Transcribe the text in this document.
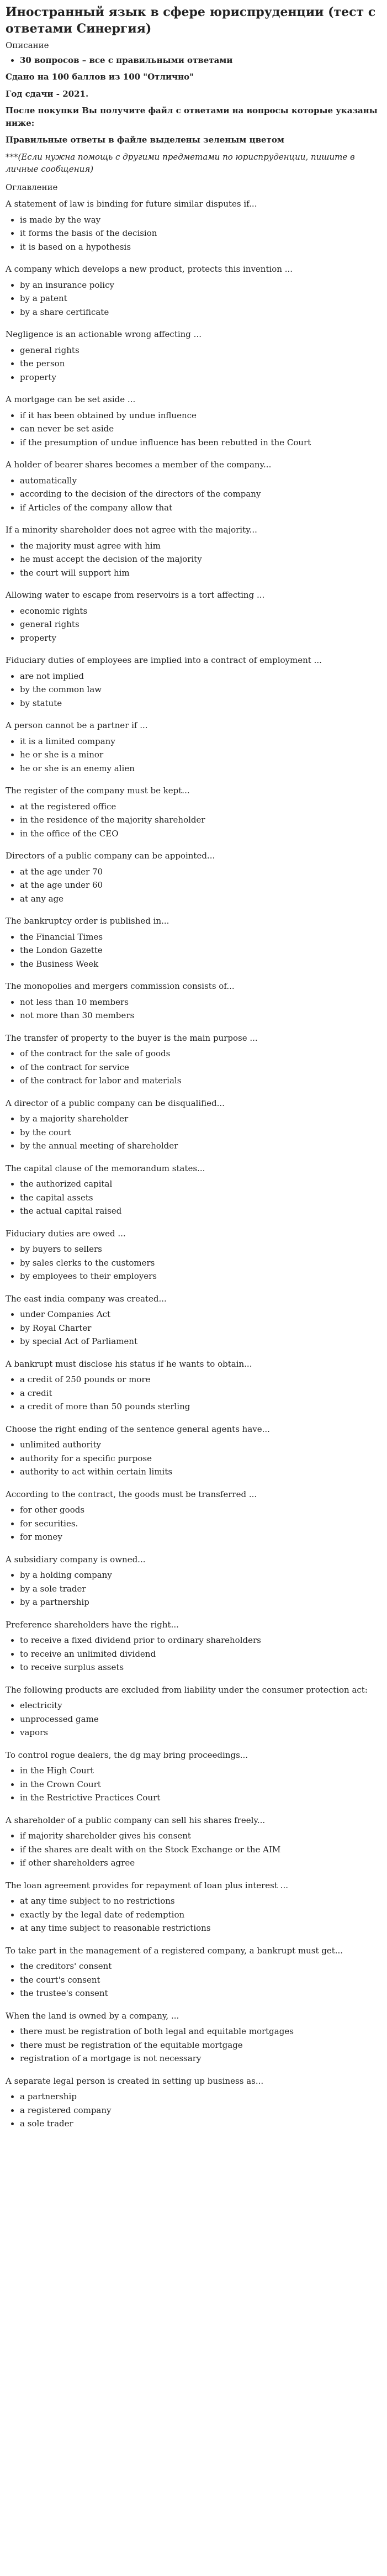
Иностранный язык в сфере юриспруденции (тест с ответами Синергия)
Описание
• 30 вопросов – все с правильными ответами

Сдано на 100 баллов из 100 "Отлично"

Год сдачи - 2021.

После покупки Вы получите файл с ответами на вопросы которые указаны ниже:

Правильные ответы в файле выделены зеленым цветом

***(Если нужна помощь с другими предметами по юриспруденции, пишите в личные сообщения)

Оглавление

A statement of law is binding for future similar disputes if...

• is made by the way
• it forms the basis of the decision
• it is based on a hypothesis

A company which develops a new product, protects this invention ...

• by an insurance policy
• by a patent
• by a share certificate

Negligence is an actionable wrong affecting ...

• general rights
• the person
• property

A mortgage can be set aside ...

• if it has been obtained by undue influence
• can never be set aside
• if the presumption of undue influence has been rebutted in the Court

A holder of bearer shares becomes a member of the company...

• automatically
• according to the decision of the directors of the company
• if Articles of the company allow that

If a minority shareholder does not agree with the majority...

• the majority must agree with him
• he must accept the decision of the majority
• the court will support him

Allowing water to escape from reservoirs is a tort affecting ...

• economic rights
• general rights
• property

Fiduciary duties of employees are implied into a contract of employment ...

• are not implied
• by the common law
• by statute

A person cannot be a partner if ...

• it is a limited company
• he or she is a minor
• he or she is an enemy alien

The register of the company must be kept...

• at the registered office
• in the residence of the majority shareholder
• in the office of the CEO

Directors of a public company can be appointed...

• at the age under 70
• at the age under 60
• at any age

The bankruptcy order is published in...

• the Financial Times
• the London Gazette
• the Business Week

The monopolies and mergers commission consists of...

• not less than 10 members
• not more than 30 members

The transfer of property to the buyer is the main purpose ...

• of the contract for the sale of goods
• of the contract for service
• of the contract for labor and materials

A director of a public company can be disqualified...

• by a majority shareholder
• by the court
• by the annual meeting of shareholder

The capital clause of the memorandum states...

• the authorized capital
• the capital assets
• the actual capital raised

Fiduciary duties are owed ...

• by buyers to sellers
• by sales clerks to the customers
• by employees to their employers

The east india company was created...

• under Companies Act
• by Royal Charter
• by special Act of Parliament

A bankrupt must disclose his status if he wants to obtain...

• a credit of 250 pounds or more
• a credit
• a credit of more than 50 pounds sterling

Choose the right ending of the sentence general agents have...

• unlimited authority
• authority for a specific purpose
• authority to act within certain limits

According to the contract, the goods must be transferred ...

• for other goods
• for securities.
• for money

A subsidiary company is owned...

• by a holding company
• by a sole trader
• by a partnership

Preference shareholders have the right...

• to receive a fixed dividend prior to ordinary shareholders
• to receive an unlimited dividend
• to receive surplus assets

The following products are excluded from liability under the consumer protection act:

• electricity
• unprocessed game
• vapors

To control rogue dealers, the dg may bring proceedings...

• in the High Court
• in the Crown Court
• in the Restrictive Practices Court

A shareholder of a public company can sell his shares freely...

• if majority shareholder gives his consent
• if the shares are dealt with on the Stock Exchange or the AIM
• if other shareholders agree

The loan agreement provides for repayment of loan plus interest ...

• at any time subject to no restrictions
• exactly by the legal date of redemption
• at any time subject to reasonable restrictions

To take part in the management of a registered company, a bankrupt must get...

• the creditors' consent
• the court's consent
• the trustee's consent

When the land is owned by a company, ...

• there must be registration of both legal and equitable mortgages
• there must be registration of the equitable mortgage
• registration of a mortgage is not necessary

A separate legal person is created in setting up business as...

• a partnership
• a registered company
• a sole trader
